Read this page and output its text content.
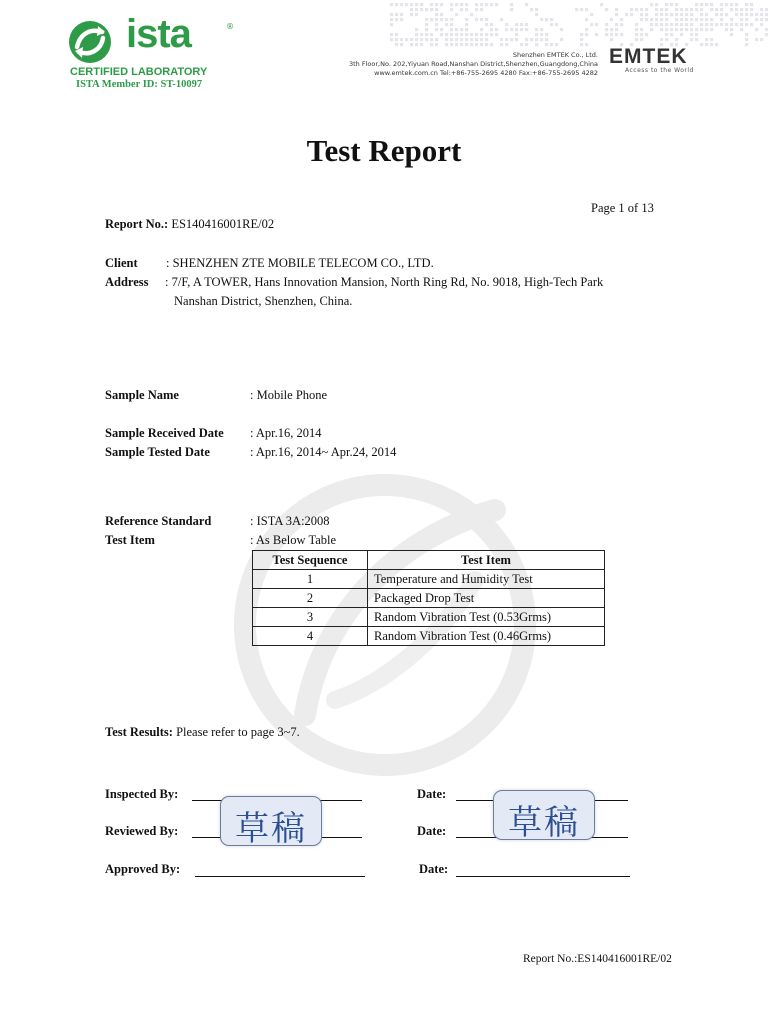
ista	®
CERTIFIED LABORATORY
ISTA Member ID: ST-10097
Shenzhen EMTEK Co., Ltd.
3th Floor,No. 202,Yiyuan Road,Nanshan District,Shenzhen,Guangdong,China
www.emtek.com.cn Tel:+86-755-2695 4280 Fax:+86-755-2695 4282
EMTEK
Access to the World
Test Report
Page 1 of 13
Report No.: ES140416001RE/02
Client : SHENZHEN ZTE MOBILE TELECOM CO., LTD.
Address : 7/F, A TOWER, Hans Innovation Mansion, North Ring Rd, No. 9018, High-Tech Park
Nanshan District, Shenzhen, China.
Sample Name	: Mobile Phone
Sample Received Date : Apr.16, 2014
Sample Tested Date	: Apr.16, 2014~ Apr.24, 2014
Reference Standard	: ISTA 3A:2008
Test Item	: As Below Table
Test Sequence	Test Item
1	Temperature and Humidity Test
2	Packaged Drop Test
3	Random Vibration Test (0.53Grms)
4	Random Vibration Test (0.46Grms)
Test Results: Please refer to page 3~7.
Inspected By:	Date:
Reviewed By:	Date:
Approved By:	Date:
草稿	草稿
Report No.:ES140416001RE/02
